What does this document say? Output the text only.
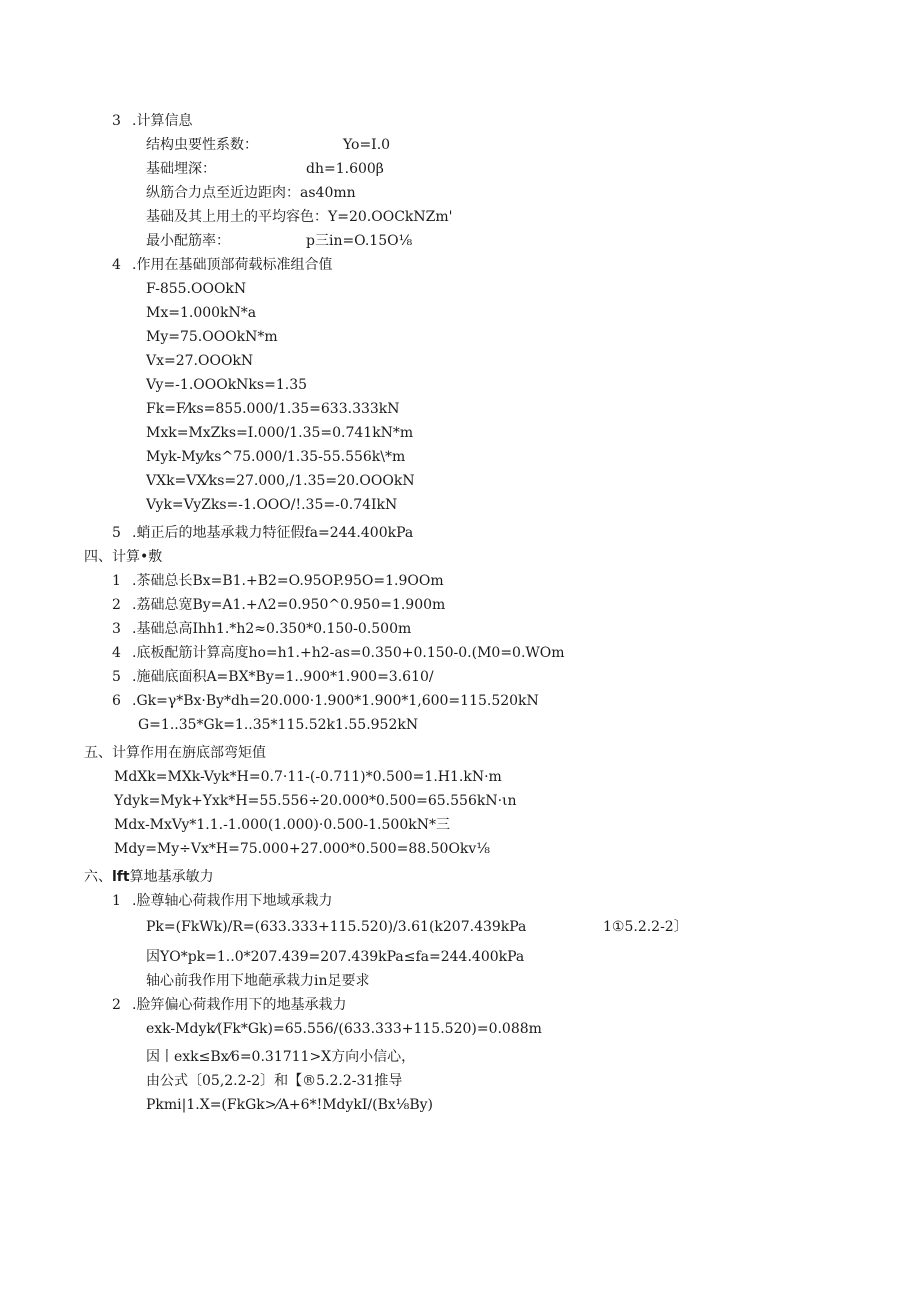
3 .计算信息
结构虫要性系数：	Yo=I.0
基础埋深：	dh=1.600β
纵筋合力点至近边距肉：as40mn
基础及其上用土的平均容色：Y=20.OOCkNZm'
最小配筋率：	p三in=O.15O⅛
4 .作用在基础顶部荷载标准组合值
F-855.OOOkN
Mx=1.000kN*a
My=75.OOOkN*m
Vx=27.OOOkN
Vy=-1.OOOkNks=1.35
Fk=F⁄ks=855.000/1.35=633.333kN
Mxk=MxZks=I.000/1.35=0.741kN*m
Myk-My⁄ks^75.000/1.35-55.556k\*m
VXk=VX⁄ks=27.000,/1.35=20.OOOkN
Vyk=VyZks=-1.OOO/!.35=-0.74IkN
5 .蛸正后的地基承栽力特征假fa=244.400kPa
四、计算•敷
1 .茶础总长Bx=B1.+B2=O.95OP.95O=1.9OOm
2 .荔础总宽By=A1.+Λ2=0.950^0.950=1.900m
3 .基础总高Ihh1.*h2≈0.350*0.150-0.500m
4 .底板配筋计算高度ho=h1.+h2-as=0.350+0.150-0.(M0=0.WOm
5 .施础底面积A=BX*By=1..900*1.900=3.610/
6 .Gk=γ*Bx·By*dh=20.000·1.900*1.900*1,600=115.520kN
G=1..35*Gk=1..35*115.52k1.55.952kN
五、计算作用在旃底部弯矩值
MdXk=MXk-Vyk*H=0.7·11-(-0.711)*0.500=1.H1.kN·m
Ydyk=Myk+Yxk*H=55.556÷20.000*0.500=65.556kN·ιn
Mdx-MxVy*1.1.-1.000(1.000)·0.500-1.500kN*三
Mdy=My÷Vx*H=75.000+27.000*0.500=88.50Okv⅛
六、lft算地基承敏力
1 .脸尊轴心荷栽作用下地域承栽力
Pk=(FkWk)/R=(633.333+115.520)/3.61(k207.439kPa	1①5.2.2-2〕
因YO*pk=1..0*207.439=207.439kPa≤fa=244.400kPa
轴心前我作用下地葩承栽力in足要求
2 .脸笄偏心荷栽作用下的地基承栽力
exk-Mdyk⁄(Fk*Gk)=65.556/(633.333+115.520)=0.088m
因丨exk≤Bx⁄6=0.31711>X方向小信心，
由公式〔05,2.2-2〕和【®5.2.2-31推导
Pkmi|1.X=(FkGk>⁄A+6*!MdykI/(Bx⅛By)
